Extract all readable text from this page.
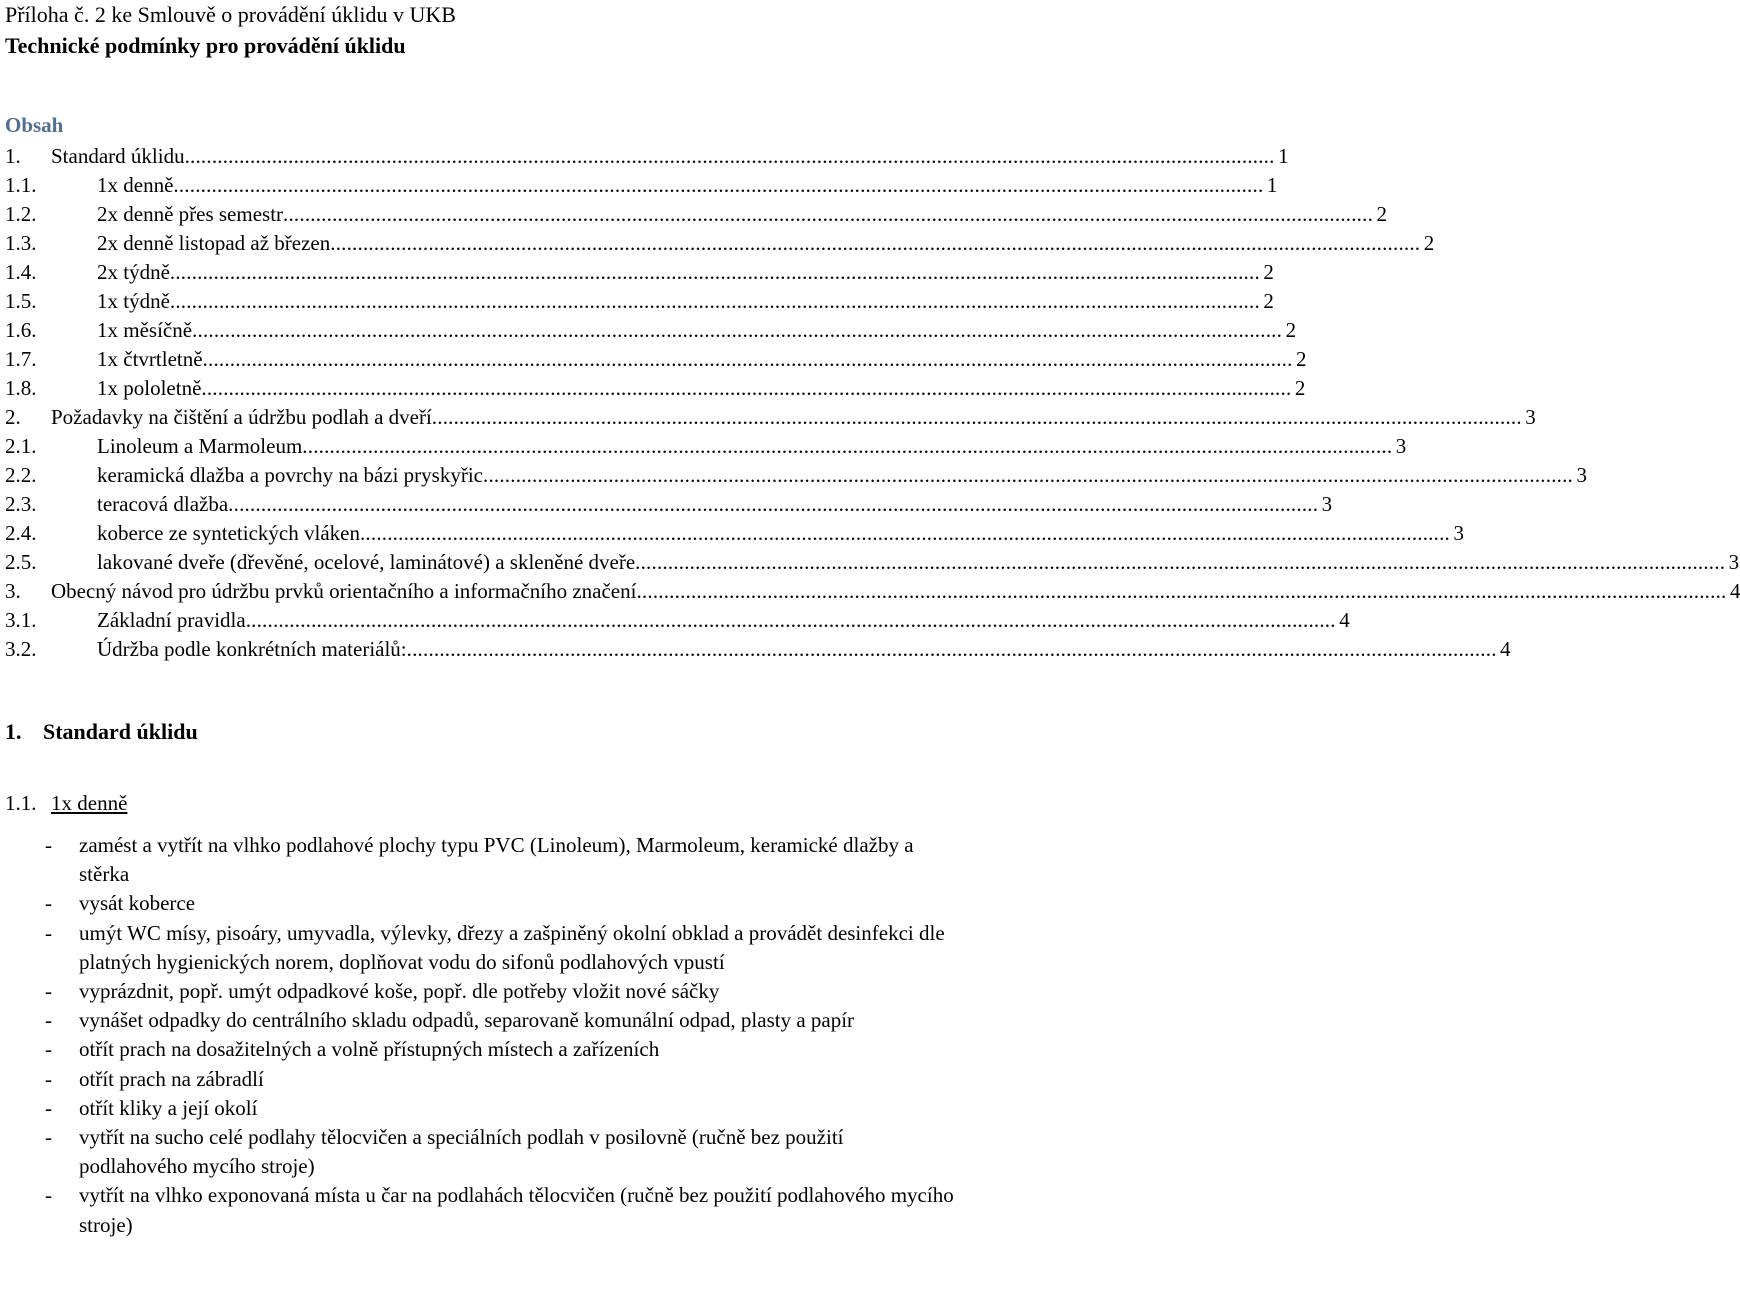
Příloha č. 2 ke Smlouvě o provádění úklidu v UKB
Technické podmínky pro provádění úklidu
Obsah
1.	Standard úklidu ........................................................................................................................................................................................................ 1
1.1.	1x denně ........................................................................................................................................................................................................ 1
1.2.	2x denně přes semestr ........................................................................................................................................................................................................ 2
1.3.	2x denně listopad až březen ........................................................................................................................................................................................................ 2
1.4.	2x týdně ........................................................................................................................................................................................................ 2
1.5.	1x týdně ........................................................................................................................................................................................................ 2
1.6.	1x měsíčně ........................................................................................................................................................................................................ 2
1.7.	1x čtvrtletně ........................................................................................................................................................................................................ 2
1.8.	1x pololetně ........................................................................................................................................................................................................ 2
2.	Požadavky na čištění a údržbu podlah a dveří ........................................................................................................................................................................................................ 3
2.1.	Linoleum a Marmoleum ........................................................................................................................................................................................................ 3
2.2.	keramická dlažba a povrchy na bázi pryskyřic ........................................................................................................................................................................................................ 3
2.3.	teracová dlažba ........................................................................................................................................................................................................ 3
2.4.	koberce ze syntetických vláken ........................................................................................................................................................................................................ 3
2.5.	lakované dveře (dřevěné, ocelové, laminátové) a skleněné dveře ........................................................................................................................................................................................................ 3
3.	Obecný návod pro údržbu prvků orientačního a informačního značení ........................................................................................................................................................................................................ 4
3.1.	Základní pravidla ........................................................................................................................................................................................................ 4
3.2.	Údržba podle konkrétních materiálů: ........................................................................................................................................................................................................ 4
1. Standard úklidu
1.1. 1x denně
-	zamést a vytřít na vlhko podlahové plochy typu PVC (Linoleum), Marmoleum, keramické dlažby a stěrka
-	vysát koberce
-	umýt WC mísy, pisoáry, umyvadla, výlevky, dřezy a zašpiněný okolní obklad a provádět desinfekci dle platných hygienických norem, doplňovat vodu do sifonů podlahových vpustí
-	vyprázdnit, popř. umýt odpadkové koše, popř. dle potřeby vložit nové sáčky
-	vynášet odpadky do centrálního skladu odpadů, separovaně komunální odpad, plasty a papír
-	otřít prach na dosažitelných a volně přístupných místech a zařízeních
-	otřít prach na zábradlí
-	otřít kliky a její okolí
-	vytřít na sucho celé podlahy tělocvičen a speciálních podlah v posilovně (ručně bez použití podlahového mycího stroje)
-	vytřít na vlhko exponovaná místa u čar na podlahách tělocvičen (ručně bez použití podlahového mycího stroje)
